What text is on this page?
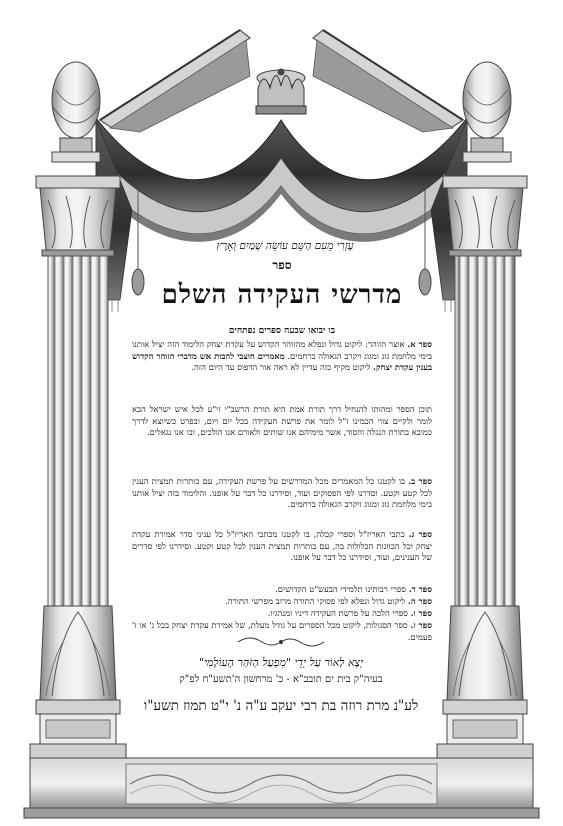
עֶזְרִי מֵעִם הַשֵּׁם עוֹשֵׂה שָׁמַיִם וָאָרֶץ
ספר
מדרשי העקידה השלם
בו יבואו שבעה ספרים נפתחים
ספר א. אוצר הזוהר: ליקוט גדול ונפלא מהזוהר הקדוש על עקדת יצחק הלימוד הזה יציל אותנו בימי מלחמת גוג ומגוג ויקרב הגאולה ברחמים. מאמרים חוצבי להבות אש מדברי הזוהר הקדוש בענין עקדת יצחק. ליקוט מקיף כזה עדיין לא ראה אור הדפוס עד היום הזה.
תוכן הספר ומהותו להנחיל דרך תורת אמת היא תורת הרשב"י זי"ע לכל איש ישראל הבא לומר ולקיים צווי הכמינו ז"ל לומר את פרשת העקידה בכל יום ויום, ובפרט כשיוצא לדרך כמובא בתורת הנגלה והסוד, אשר מימיהם אנו שותים ולאורם אנו הולכים, ובו אנו נגאלים.
ספר ב. בו לקטנו כל המאמרים מכל המדרשים על פרשת העקידה, עם כותרות תמצית הענין לכל קטע וקטע. וסדרנו לפי הפסוקים ועוד, וסידרנו כל דבר על אופנו. והלימוד בזה יציל אותנו בימי מלחמת גוג ומגוג ויקרב הגאולה ברחמים.
ספר ג. כתבי האריז"ל וספרי קבלה, בו לקטנו מכתבי האריז"ל כל עניני סדר אמירת עקדת יצחק וכל הכוונות הכלולות בה, עם כותרות תמצית הענין לכל קטע וקטע. וסידרנו לפי סדרים של הענינים, ועוד, וסידרנו כל דבר על אופנו.
ספר ד. ספרי רבותינו תלמידי הבעש"ט הקדושים.
ספר ה. ליקוט גדול ונפלא לפי פסוקי התורה מרוב מפרשי התורה.
ספר ו. ספרי הלכה על פרשת העקידה דיניו ומנהגיו.
ספר ז. ספר הסגולות, ליקוט מכל הספרים על גודל מעלת, של אמירת עקדת יצחק בכל ג' או ז' פעמים.
יְצָא לָאוֹר עַל יְדֵי "מִפְעַל הַזֹּהַר הָעוֹלָמִי"
בעיה"ק בית ים תובב"א - כ' מרחשון ה'תשע"ח לפ"ק
לע"נ מרת רוזה בת רבי יעקב ע"ה נ' י"ט תמוז תשע"ו
